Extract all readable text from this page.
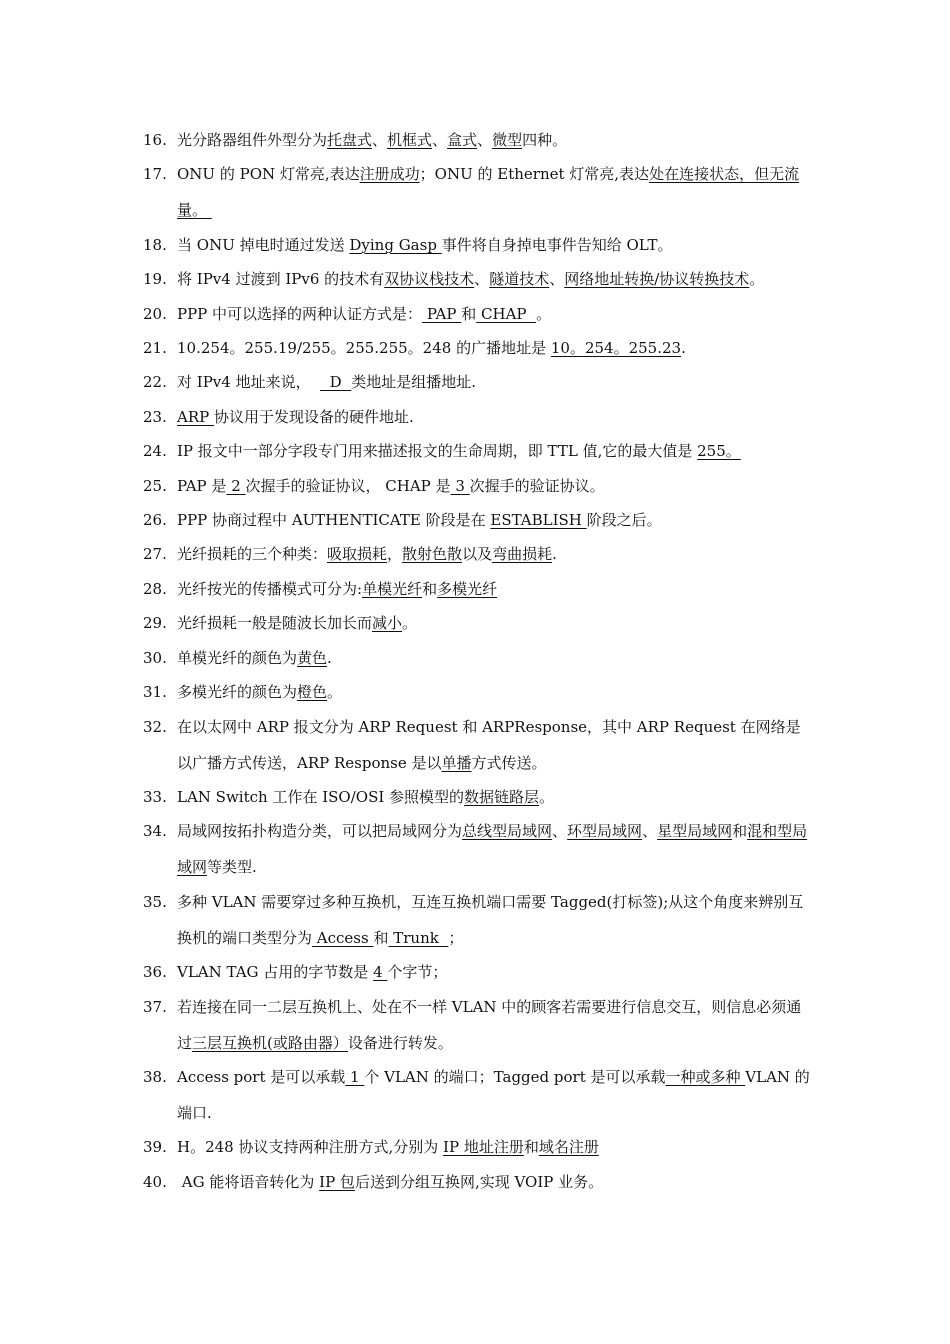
16. 光分路器组件外型分为托盘式、机框式、盒式、微型四种。
17. ONU 的 PON 灯常亮,表达注册成功；ONU 的 Ethernet 灯常亮,表达处在连接状态，但无流量。
18. 当 ONU 掉电时通过发送 Dying Gasp 事件将自身掉电事件告知给 OLT。
19. 将 IPv4 过渡到 IPv6 的技术有双协议栈技术、隧道技术、网络地址转换/协议转换技术。
20. PPP 中可以选择的两种认证方式是： PAP 和 CHAP  。
21. 10.254。255.19/255。255.255。248 的广播地址是 10。254。255.23.
22. 对 IPv4 地址来说，    D  类地址是组播地址.
23. ARP 协议用于发现设备的硬件地址.
24. IP 报文中一部分字段专门用来描述报文的生命周期，即 TTL 值,它的最大值是 255。
25. PAP 是 2 次握手的验证协议， CHAP 是 3 次握手的验证协议。
26. PPP 协商过程中 AUTHENTICATE 阶段是在 ESTABLISH 阶段之后。
27. 光纤损耗的三个种类：吸取损耗，散射色散以及弯曲损耗.
28. 光纤按光的传播模式可分为:单模光纤和多模光纤
29. 光纤损耗一般是随波长加长而减小。
30. 单模光纤的颜色为黄色.
31. 多模光纤的颜色为橙色。
32. 在以太网中 ARP 报文分为 ARP Request 和 ARPResponse，其中 ARP Request 在网络是以广播方式传送，ARP Response 是以单播方式传送。
33. LAN Switch 工作在 ISO/OSI 参照模型的数据链路层。
34. 局域网按拓扑构造分类，可以把局域网分为总线型局域网、环型局域网、星型局域网和混和型局域网等类型.
35. 多种 VLAN 需要穿过多种互换机，互连互换机端口需要 Tagged(打标签);从这个角度来辨别互换机的端口类型分为 Access 和 Trunk  ；
36. VLAN TAG 占用的字节数是 4 个字节；
37. 若连接在同一二层互换机上、处在不一样 VLAN 中的顾客若需要进行信息交互，则信息必须通过三层互换机(或路由器）设备进行转发。
38. Access port 是可以承载 1 个 VLAN 的端口；Tagged port 是可以承载一种或多种 VLAN 的端口.
39. H。248 协议支持两种注册方式,分别为 IP 地址注册和域名注册
40. AG 能将语音转化为 IP 包后送到分组互换网,实现 VOIP 业务。
